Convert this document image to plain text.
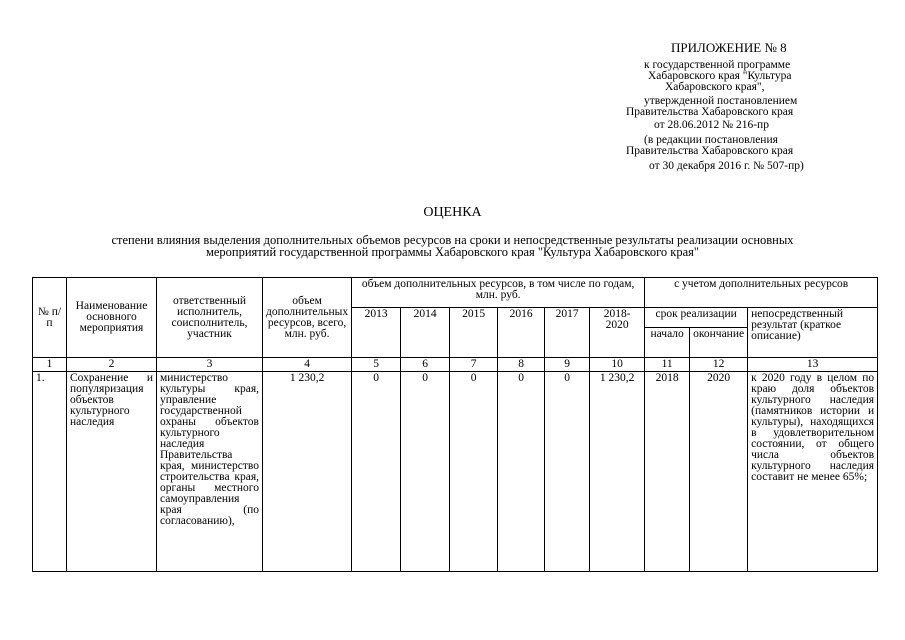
ПРИЛОЖЕНИЕ № 8
к государственной программе
Хабаровского края "Культура
Хабаровского края",
утвержденной постановлением
Правительства Хабаровского края
от 28.06.2012 № 216-пр
(в редакции постановления
Правительства Хабаровского края
от 30 декабря 2016 г. № 507-пр)
ОЦЕНКА
степени влияния выделения дополнительных объемов ресурсов на сроки и непосредственные результаты реализации основных
мероприятий государственной программы Хабаровского края "Культура Хабаровского края"
№ п/п	Наименование основного мероприятия	ответственный исполнитель, соисполнитель, участник	объем дополнительных ресурсов, всего, млн. руб.	объем дополнительных ресурсов, в том числе по годам, млн. руб.						с учетом дополнительных ресурсов		
				2013	2014	2015	2016	2017	2018-2020	срок реализации		непосредственный результат (краткое описание)
										начало	окончание	
1	2	3	4	5	6	7	8	9	10	11	12	13
1.	Сохранение и популяризация объектов культурного наследия	министерство культуры края, управление государственной охраны объектов культурного наследия Правительства края, министерство строительства края, органы местного самоуправления края (по согласованию),	1 230,2	0	0	0	0	0	1 230,2	2018	2020	к 2020 году в целом по краю доля объектов культурного наследия (памятников истории и культуры), находящихся в удовлетворительном состоянии, от общего числа объектов культурного наследия составит не менее 65%;
